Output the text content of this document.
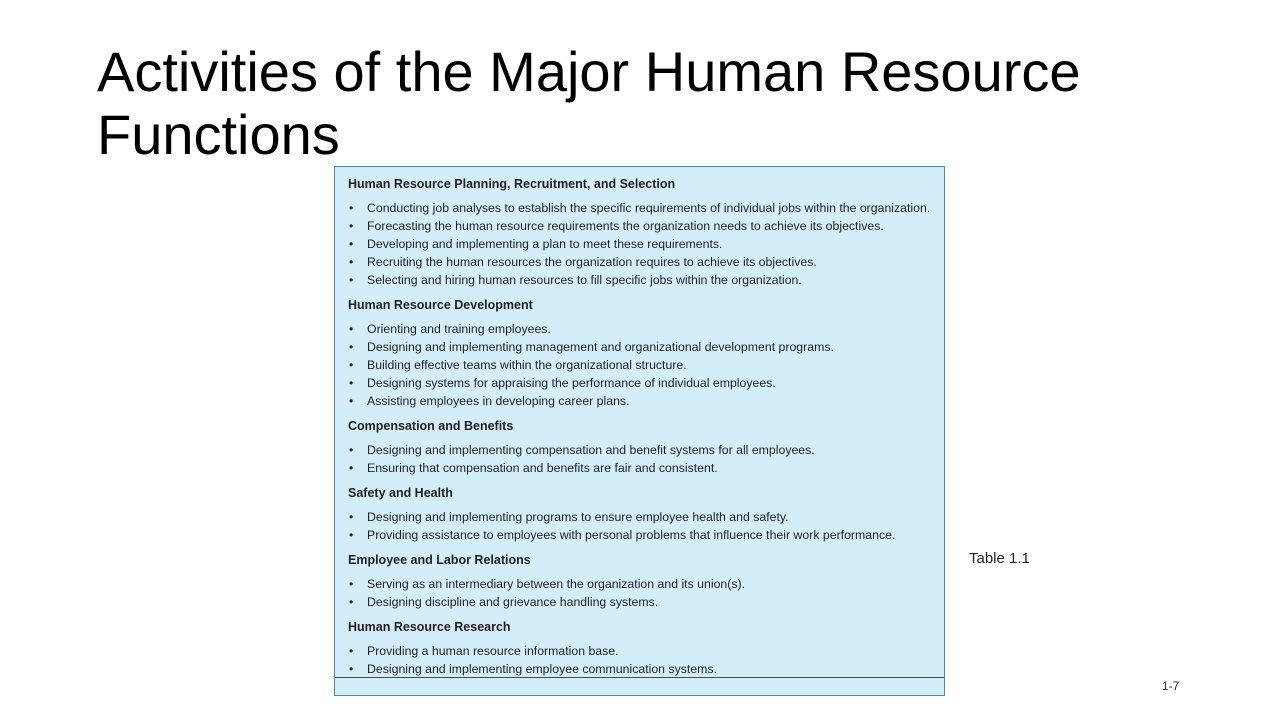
Activities of the Major Human Resource Functions
Human Resource Planning, Recruitment, and Selection
• Conducting job analyses to establish the specific requirements of individual jobs within the organization.
• Forecasting the human resource requirements the organization needs to achieve its objectives.
• Developing and implementing a plan to meet these requirements.
• Recruiting the human resources the organization requires to achieve its objectives.
• Selecting and hiring human resources to fill specific jobs within the organization.
Human Resource Development
• Orienting and training employees.
• Designing and implementing management and organizational development programs.
• Building effective teams within the organizational structure.
• Designing systems for appraising the performance of individual employees.
• Assisting employees in developing career plans.
Compensation and Benefits
• Designing and implementing compensation and benefit systems for all employees.
• Ensuring that compensation and benefits are fair and consistent.
Safety and Health
• Designing and implementing programs to ensure employee health and safety.
• Providing assistance to employees with personal problems that influence their work performance.
Employee and Labor Relations
• Serving as an intermediary between the organization and its union(s).
• Designing discipline and grievance handling systems.
Human Resource Research
• Providing a human resource information base.
• Designing and implementing employee communication systems.
Table 1.1
1-7
